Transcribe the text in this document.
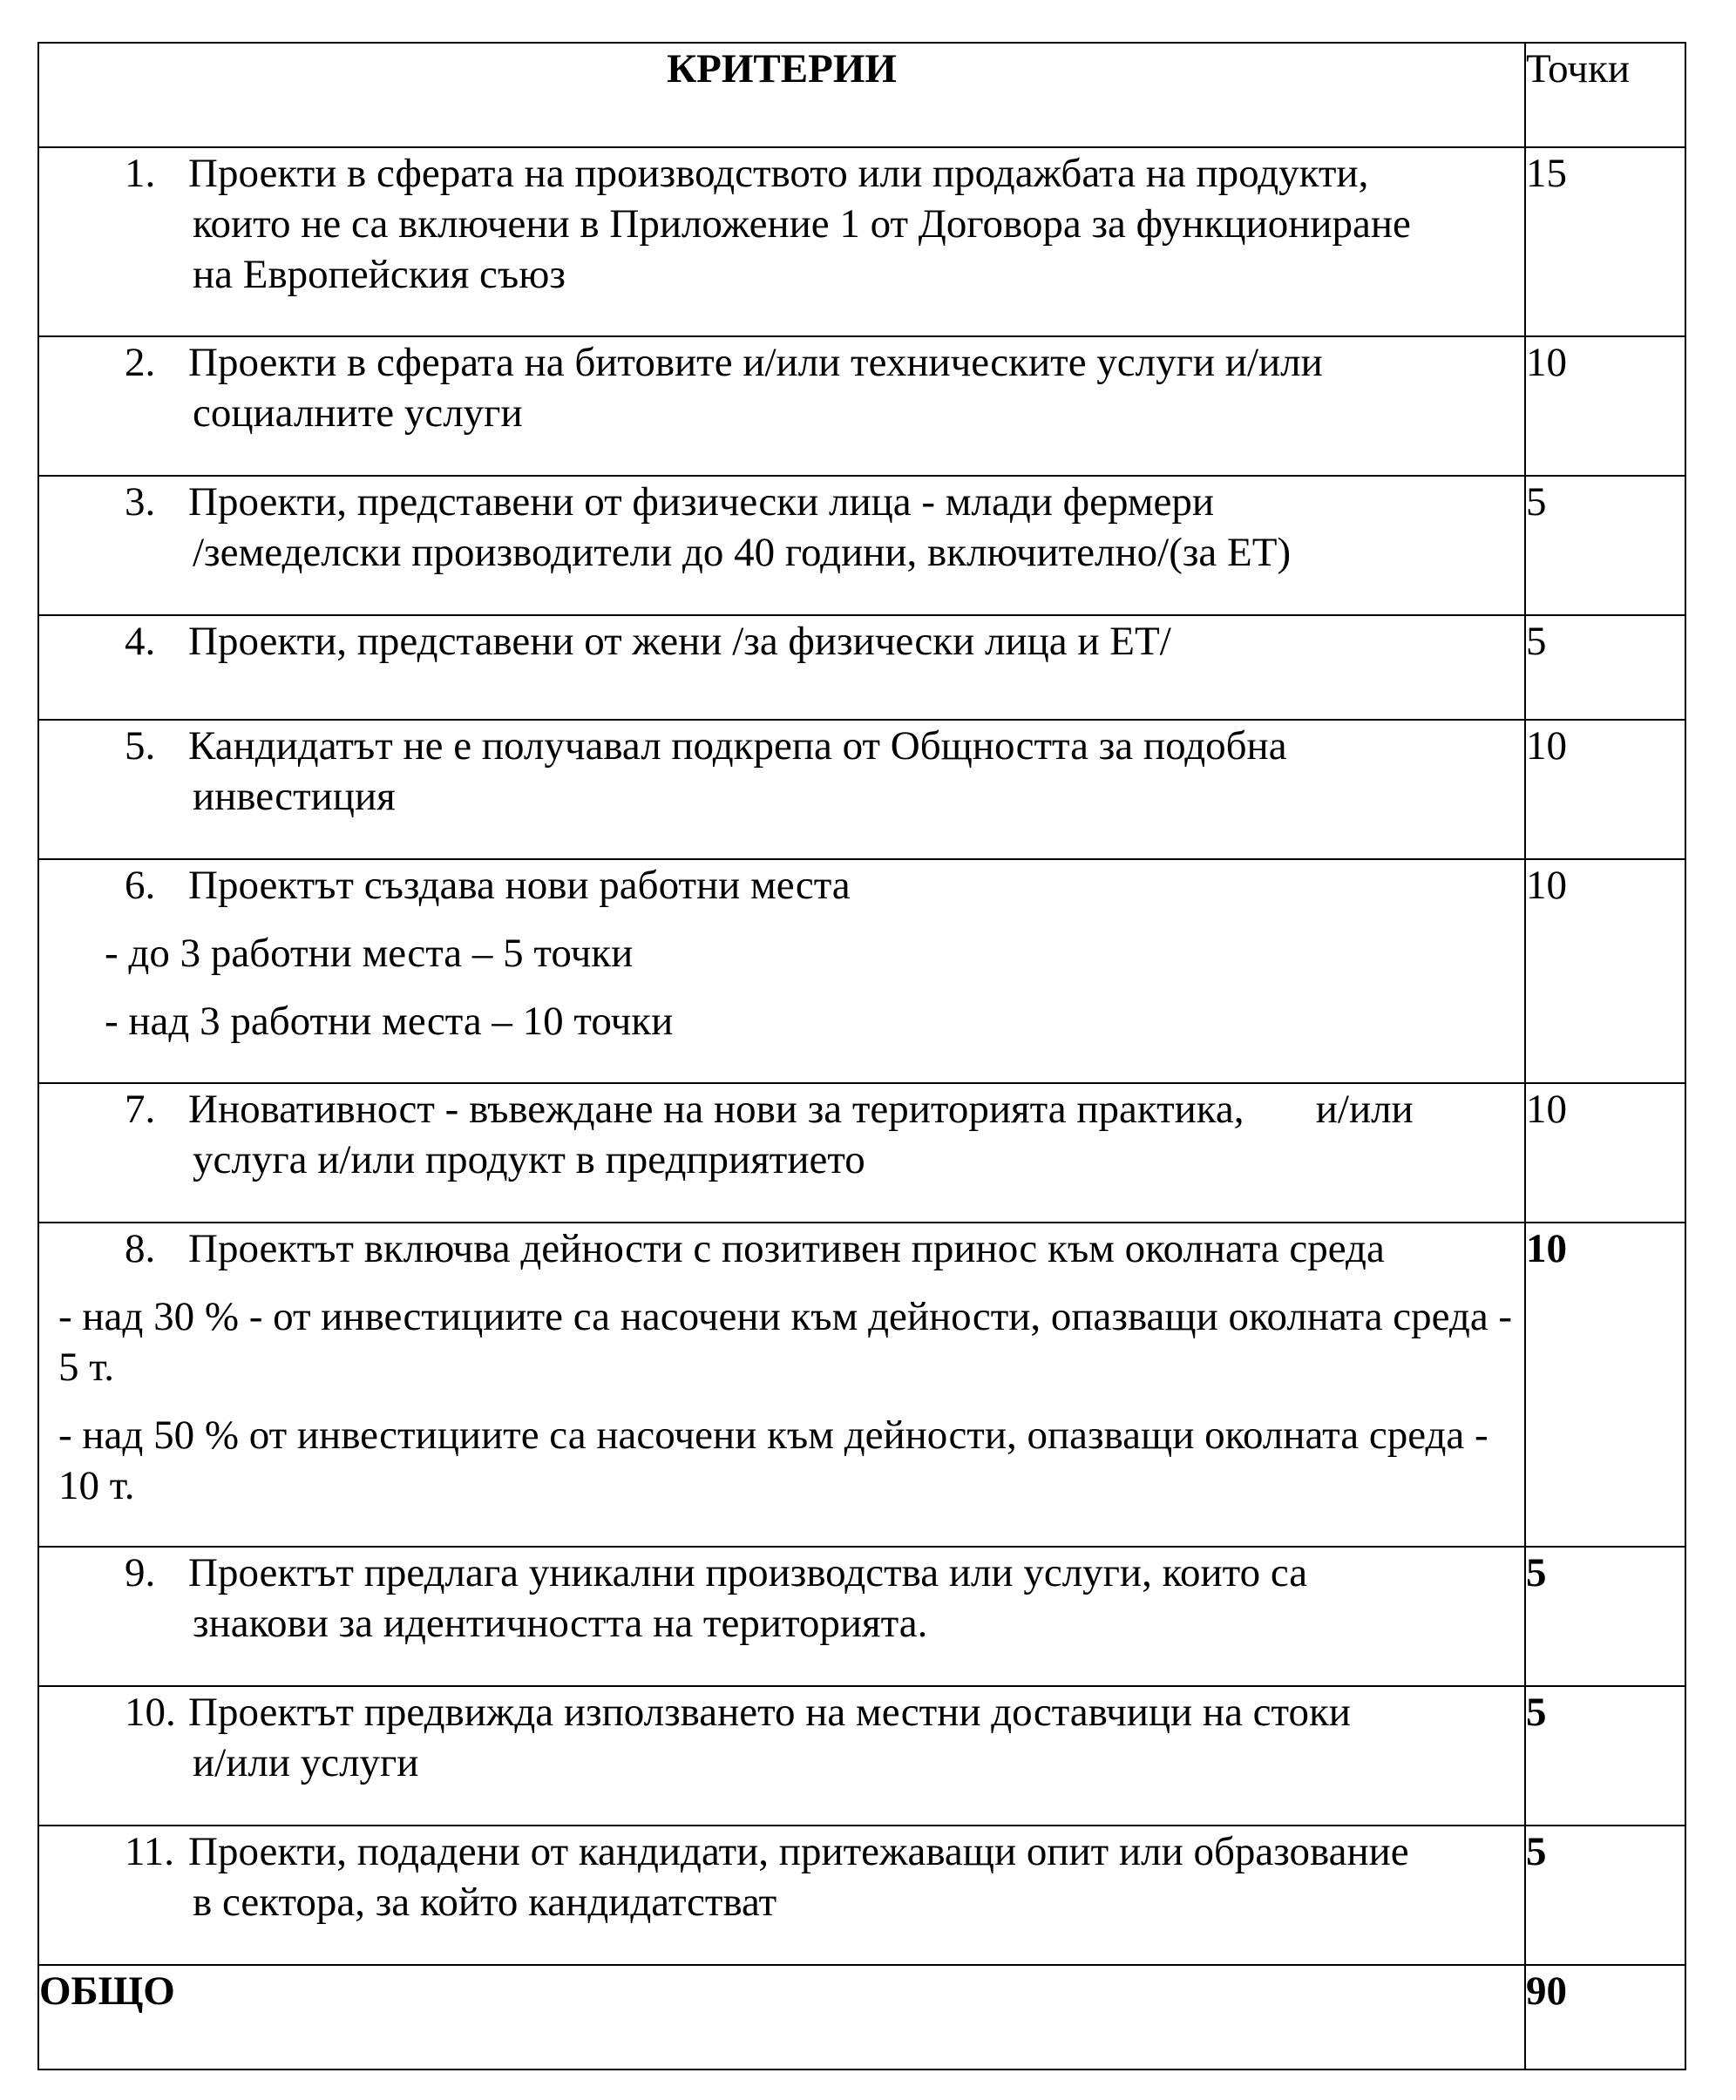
КРИТЕРИИ	Точки

1. Проекти в сферата на производството или продажбата на продукти,
които не са включени в Приложение 1 от Договора за функциониране
на Европейския съюз	15

2. Проекти в сферата на битовите и/или техническите услуги и/или
социалните услуги	10

3. Проекти, представени от физически лица - млади фермери
/земеделски производители до 40 години, включително/(за ЕТ)	5

4. Проекти, представени от жени /за физически лица и ЕТ/	5

5. Кандидатът не е получавал подкрепа от Общността за подобна
инвестиция	10

6. Проектът създава нови работни места
- до 3 работни места – 5 точки
- над 3 работни места – 10 точки	10

7. Иновативност - въвеждане на нови за територията практика,       и/или
услуга и/или продукт в предприятието	10

8. Проектът включва дейности с позитивен принос към околната среда
- над 30 % - от инвестициите са насочени към дейности, опазващи околната среда - 5 т.
- над 50 % от инвестициите са насочени към дейности, опазващи околната среда - 10 т.	10

9. Проектът предлага уникални производства или услуги, които са
знакови за идентичността на територията.	5

10. Проектът предвижда използването на местни доставчици на стоки
и/или услуги	5

11. Проекти, подадени от кандидати, притежаващи опит или образование
в сектора, за който кандидатстват	5
ОБЩО	90
